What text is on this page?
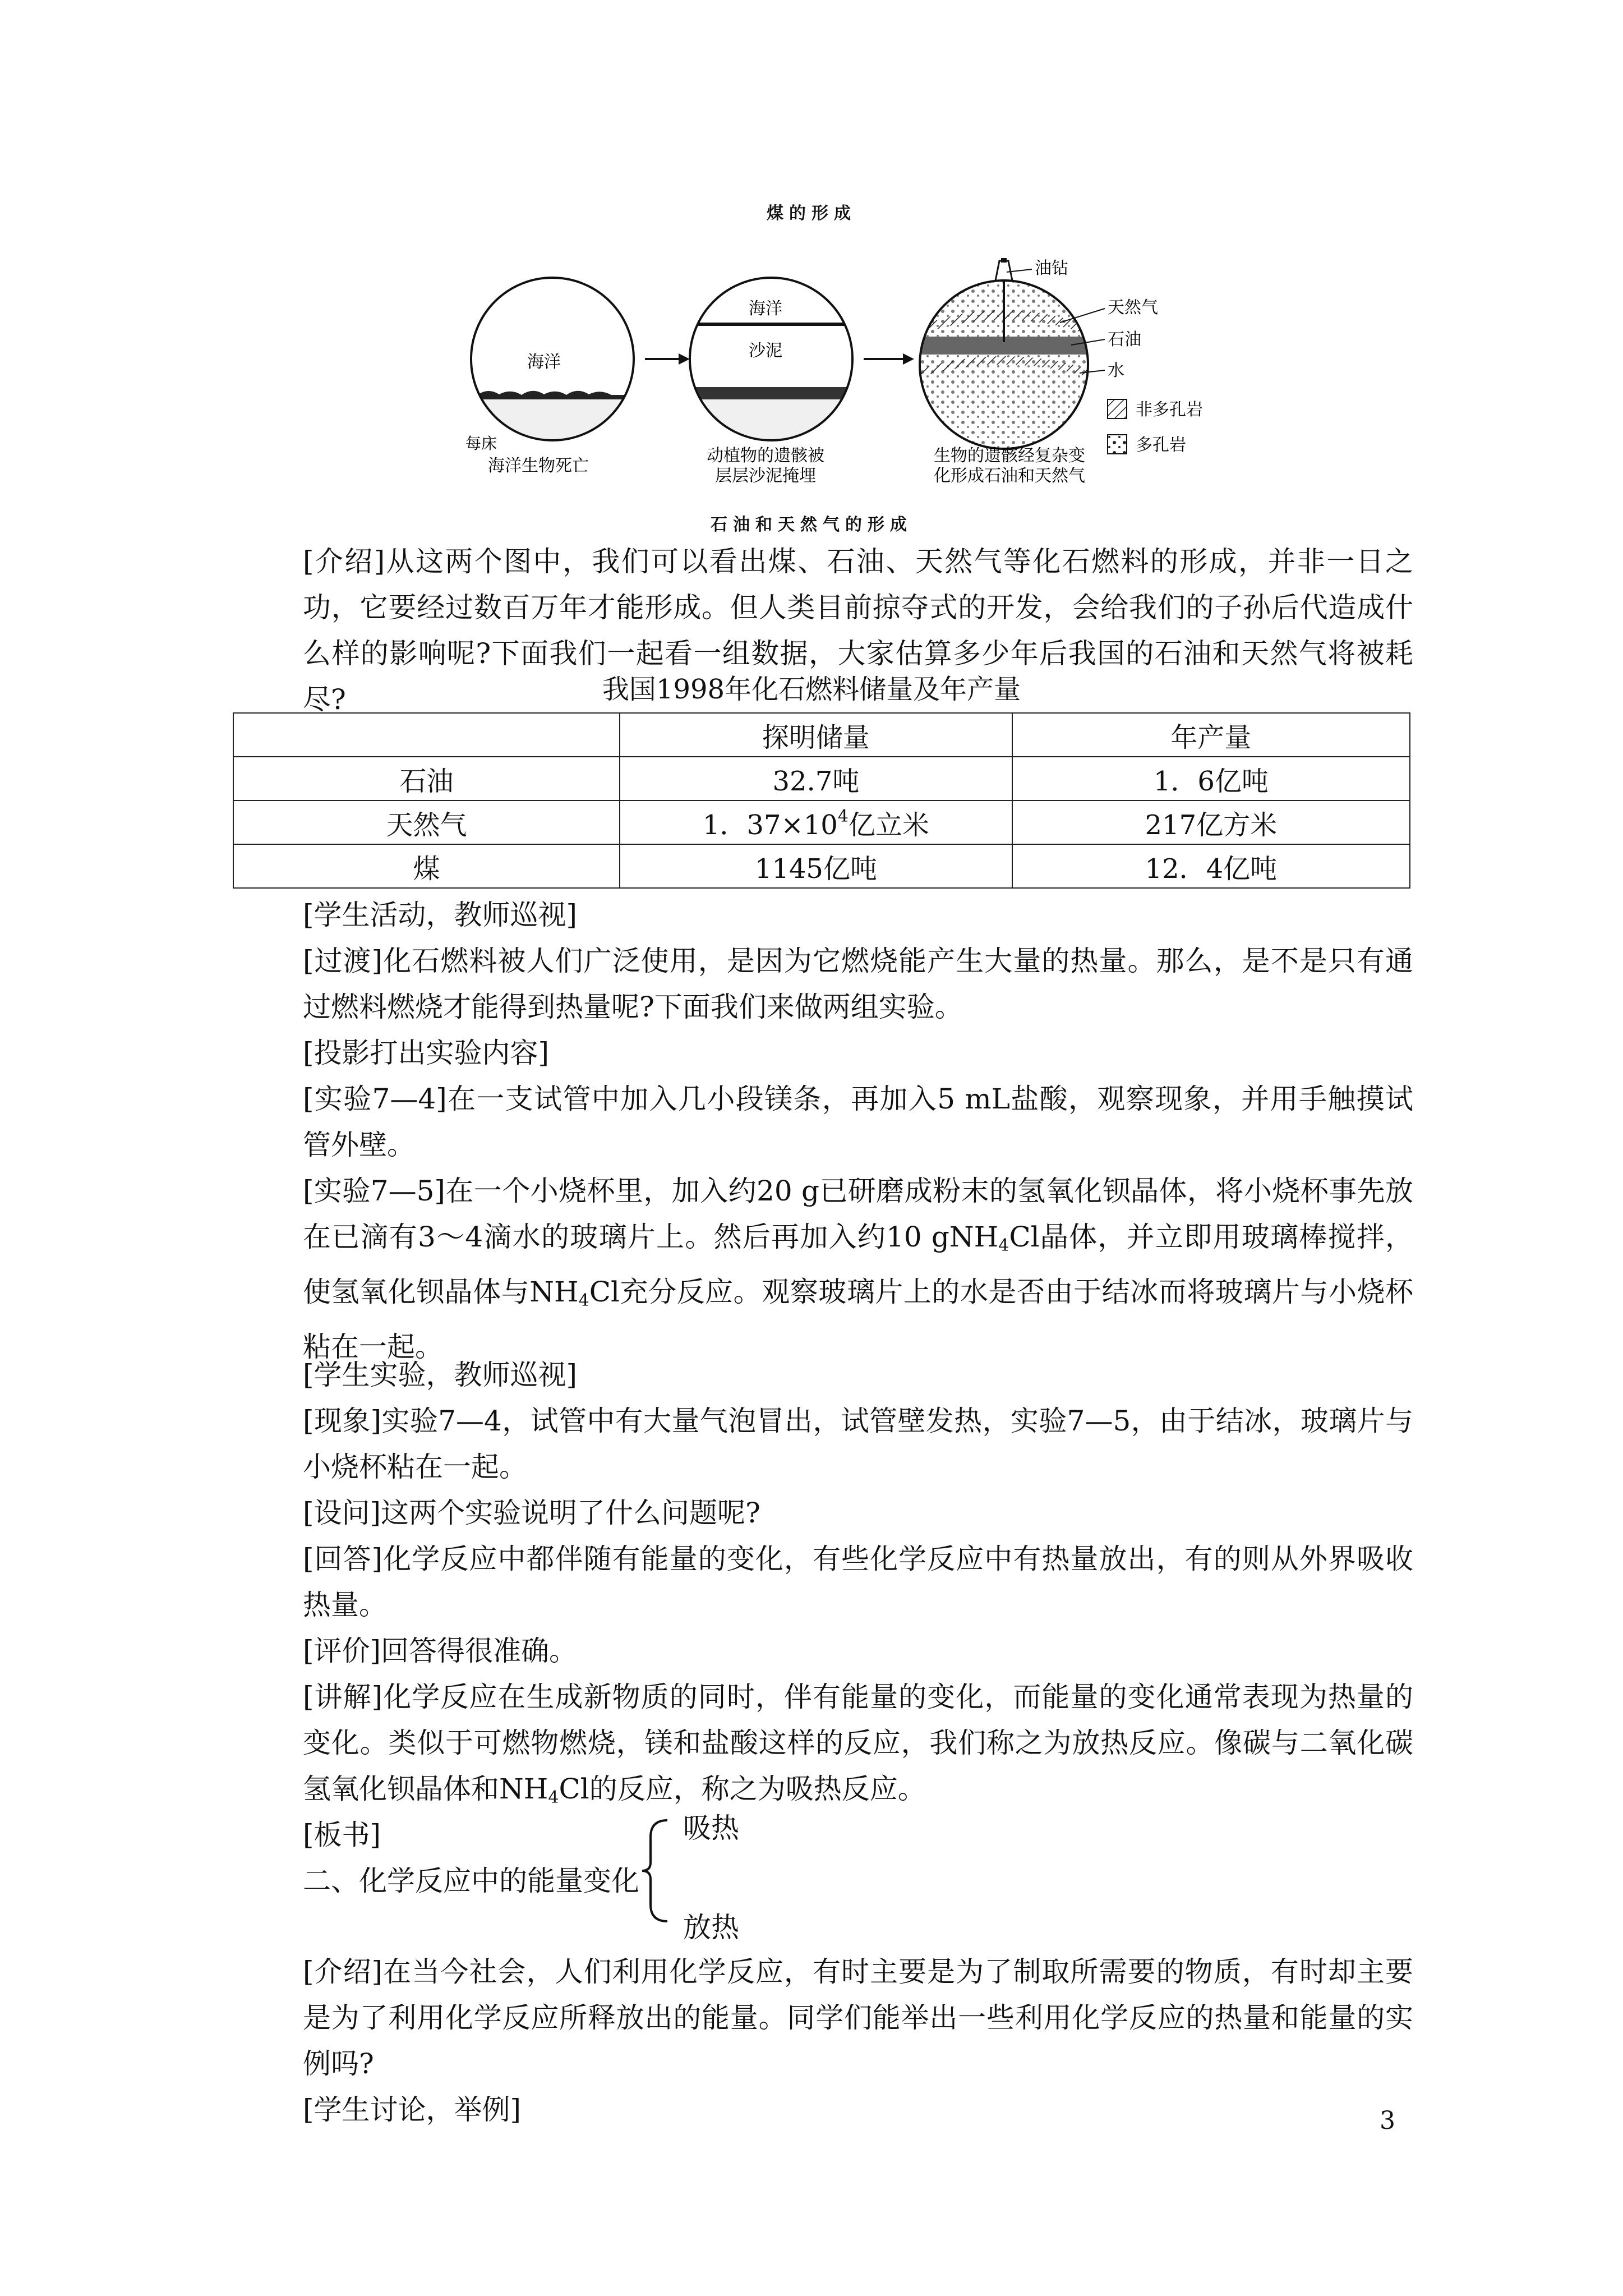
煤的形成
海洋
每床
海洋生物死亡
海洋
沙泥
动植物的遗骸被
层层沙泥掩埋
油钻
天然气
石油
水
生物的遗骸经复杂变
化形成石油和天然气
非多孔岩
多孔岩
石油和天然气的形成
[介绍]从这两个图中，我们可以看出煤、石油、天然气等化石燃料的形成，并非一日之功，它要经过数百万年才能形成。但人类目前掠夺式的开发，会给我们的子孙后代造成什么样的影响呢?下面我们一起看一组数据，大家估算多少年后我国的石油和天然气将被耗尽?	我国1998年化石燃料储量及年产量
	探明储量	年产量
石油	32.7吨	1．6亿吨
天然气	1．$37\times 10^4$亿立米	217亿方米
煤	1145亿吨	12．4亿吨
[学生活动，教师巡视]
[过渡]化石燃料被人们广泛使用，是因为它燃烧能产生大量的热量。那么，是不是只有通过燃料燃烧才能得到热量呢?下面我们来做两组实验。
[投影打出实验内容]
[实验7—4]在一支试管中加入几小段镁条，再加入5 mL盐酸，观察现象，并用手触摸试管外壁。
[实验7—5]在一个小烧杯里，加入约20 g已研磨成粉末的氢氧化钡晶体，将小烧杯事先放在已滴有3～4滴水的玻璃片上。然后再加入约10 gNH$_4$Cl晶体，并立即用玻璃棒搅拌，使氢氧化钡晶体与$NH_4Cl$充分反应。观察玻璃片上的水是否由于结冰而将玻璃片与小烧杯粘在一起。
[学生实验，教师巡视]
[现象]实验7—4，试管中有大量气泡冒出，试管壁发热，实验7—5，由于结冰，玻璃片与小烧杯粘在一起。
[设问]这两个实验说明了什么问题呢?
[回答]化学反应中都伴随有能量的变化，有些化学反应中有热量放出，有的则从外界吸收热量。
[评价]回答得很准确。
[讲解]化学反应在生成新物质的同时，伴有能量的变化，而能量的变化通常表现为热量的变化。类似于可燃物燃烧，镁和盐酸这样的反应，我们称之为放热反应。像碳与二氧化碳氢氧化钡晶体和$NH_4Cl$的反应，称之为吸热反应。
[板书]	吸热
二、化学反应中的能量变化
放热
[介绍]在当今社会，人们利用化学反应，有时主要是为了制取所需要的物质，有时却主要是为了利用化学反应所释放出的能量。同学们能举出一些利用化学反应的热量和能量的实例吗?
[学生讨论，举例]	3
